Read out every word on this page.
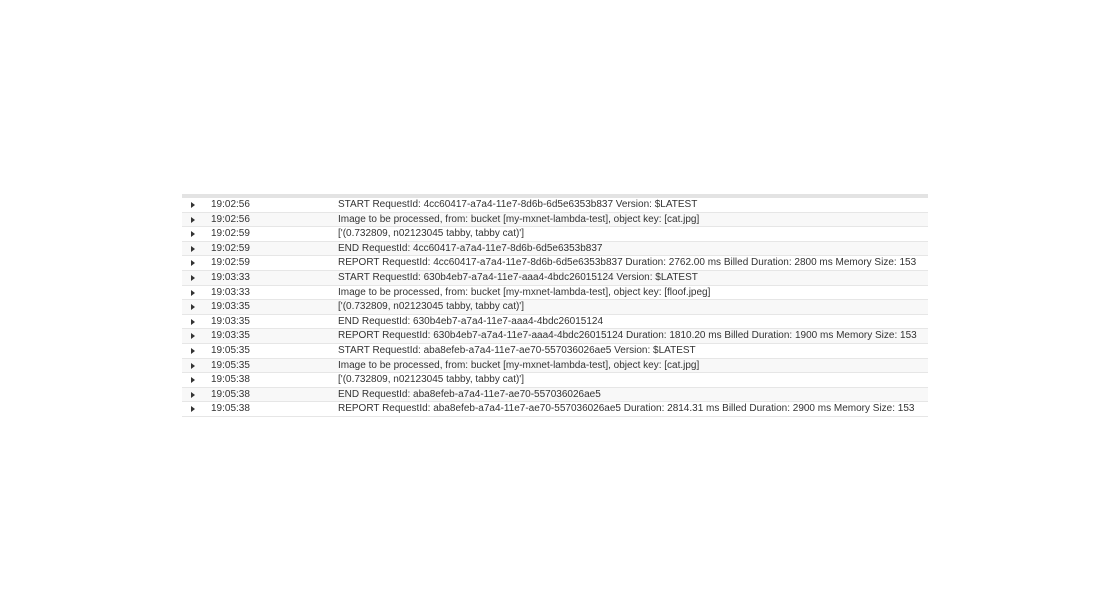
19:02:56	START RequestId: 4cc60417-a7a4-11e7-8d6b-6d5e6353b837 Version: $LATEST
19:02:56	Image to be processed, from: bucket [my-mxnet-lambda-test], object key: [cat.jpg]
19:02:59	['(0.732809, n02123045 tabby, tabby cat)']
19:02:59	END RequestId: 4cc60417-a7a4-11e7-8d6b-6d5e6353b837
19:02:59	REPORT RequestId: 4cc60417-a7a4-11e7-8d6b-6d5e6353b837 Duration: 2762.00 ms Billed Duration: 2800 ms Memory Size: 153
19:03:33	START RequestId: 630b4eb7-a7a4-11e7-aaa4-4bdc26015124 Version: $LATEST
19:03:33	Image to be processed, from: bucket [my-mxnet-lambda-test], object key: [floof.jpeg]
19:03:35	['(0.732809, n02123045 tabby, tabby cat)']
19:03:35	END RequestId: 630b4eb7-a7a4-11e7-aaa4-4bdc26015124
19:03:35	REPORT RequestId: 630b4eb7-a7a4-11e7-aaa4-4bdc26015124 Duration: 1810.20 ms Billed Duration: 1900 ms Memory Size: 153
19:05:35	START RequestId: aba8efeb-a7a4-11e7-ae70-557036026ae5 Version: $LATEST
19:05:35	Image to be processed, from: bucket [my-mxnet-lambda-test], object key: [cat.jpg]
19:05:38	['(0.732809, n02123045 tabby, tabby cat)']
19:05:38	END RequestId: aba8efeb-a7a4-11e7-ae70-557036026ae5
19:05:38	REPORT RequestId: aba8efeb-a7a4-11e7-ae70-557036026ae5 Duration: 2814.31 ms Billed Duration: 2900 ms Memory Size: 153
